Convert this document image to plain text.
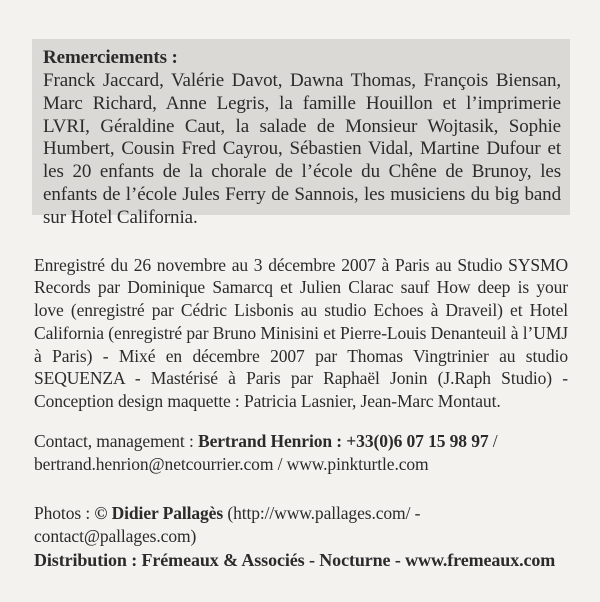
Remerciements :
Franck Jaccard, Valérie Davot, Dawna Thomas, François Biensan, Marc Richard, Anne Legris, la famille Houillon et l’imprimerie LVRI, Géraldine Caut, la salade de Monsieur Wojtasik, Sophie Humbert, Cousin Fred Cayrou, Sébastien Vidal, Martine Dufour et les 20 enfants de la chorale de l’école du Chêne de Brunoy, les enfants de l’école Jules Ferry de Sannois, les musiciens du big band sur Hotel California.

Enregistré du 26 novembre au 3 décembre 2007 à Paris au Studio SYSMO Records par Dominique Samarcq et Julien Clarac sauf How deep is your love (enregistré par Cédric Lisbonis au studio Echoes à Draveil) et Hotel California (enregistré par Bruno Minisini et Pierre-Louis Denanteuil à l’UMJ à Paris) - Mixé en décembre 2007 par Thomas Vingtrinier au studio SEQUENZA - Mastérisé à Paris par Raphaël Jonin (J.Raph Studio) - Conception design maquette : Patricia Lasnier, Jean-Marc Montaut.

Contact, management : Bertrand Henrion : +33(0)6 07 15 98 97 /
bertrand.henrion@netcourrier.com / www.pinkturtle.com
Photos : © Didier Pallagès (http://www.pallages.com/ - contact@pallages.com)
Distribution : Frémeaux & Associés - Nocturne - www.fremeaux.com
